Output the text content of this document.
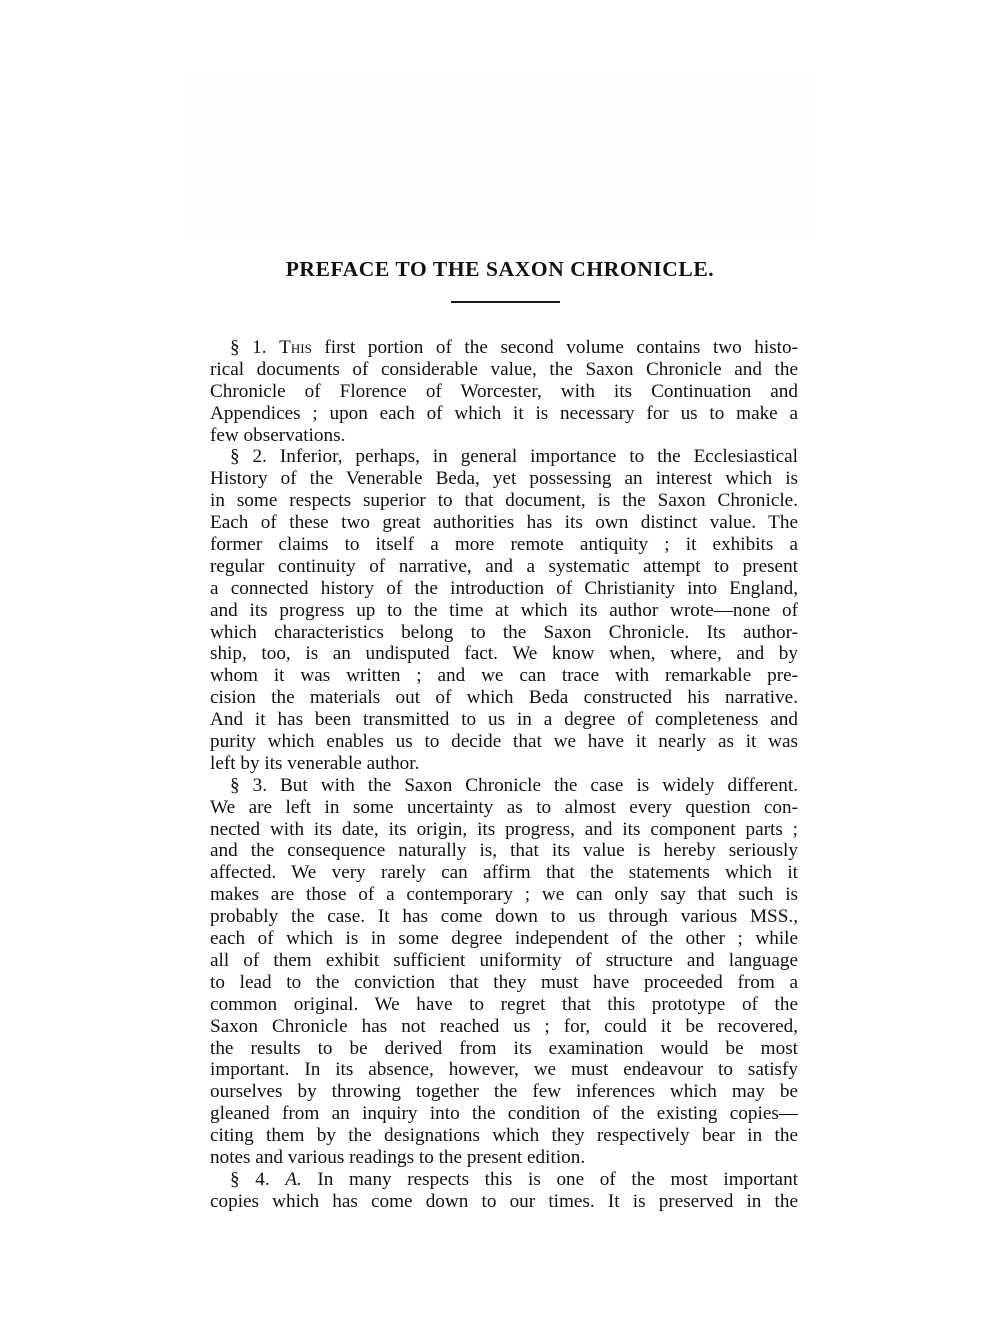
PREFACE TO THE SAXON CHRONICLE.
§ 1. This first portion of the second volume contains two histo-
rical documents of considerable value, the Saxon Chronicle and the
Chronicle of Florence of Worcester, with its Continuation and
Appendices ; upon each of which it is necessary for us to make a
few observations.
§ 2. Inferior, perhaps, in general importance to the Ecclesiastical
History of the Venerable Beda, yet possessing an interest which is
in some respects superior to that document, is the Saxon Chronicle.
Each of these two great authorities has its own distinct value. The
former claims to itself a more remote antiquity ; it exhibits a
regular continuity of narrative, and a systematic attempt to present
a connected history of the introduction of Christianity into England,
and its progress up to the time at which its author wrote—none of
which characteristics belong to the Saxon Chronicle. Its author-
ship, too, is an undisputed fact. We know when, where, and by
whom it was written ; and we can trace with remarkable pre-
cision the materials out of which Beda constructed his narrative.
And it has been transmitted to us in a degree of completeness and
purity which enables us to decide that we have it nearly as it was
left by its venerable author.
§ 3. But with the Saxon Chronicle the case is widely different.
We are left in some uncertainty as to almost every question con-
nected with its date, its origin, its progress, and its component parts ;
and the consequence naturally is, that its value is hereby seriously
affected. We very rarely can affirm that the statements which it
makes are those of a contemporary ; we can only say that such is
probably the case. It has come down to us through various MSS.,
each of which is in some degree independent of the other ; while
all of them exhibit sufficient uniformity of structure and language
to lead to the conviction that they must have proceeded from a
common original. We have to regret that this prototype of the
Saxon Chronicle has not reached us ; for, could it be recovered,
the results to be derived from its examination would be most
important. In its absence, however, we must endeavour to satisfy
ourselves by throwing together the few inferences which may be
gleaned from an inquiry into the condition of the existing copies—
citing them by the designations which they respectively bear in the
notes and various readings to the present edition.
§ 4. A. In many respects this is one of the most important
copies which has come down to our times. It is preserved in the
